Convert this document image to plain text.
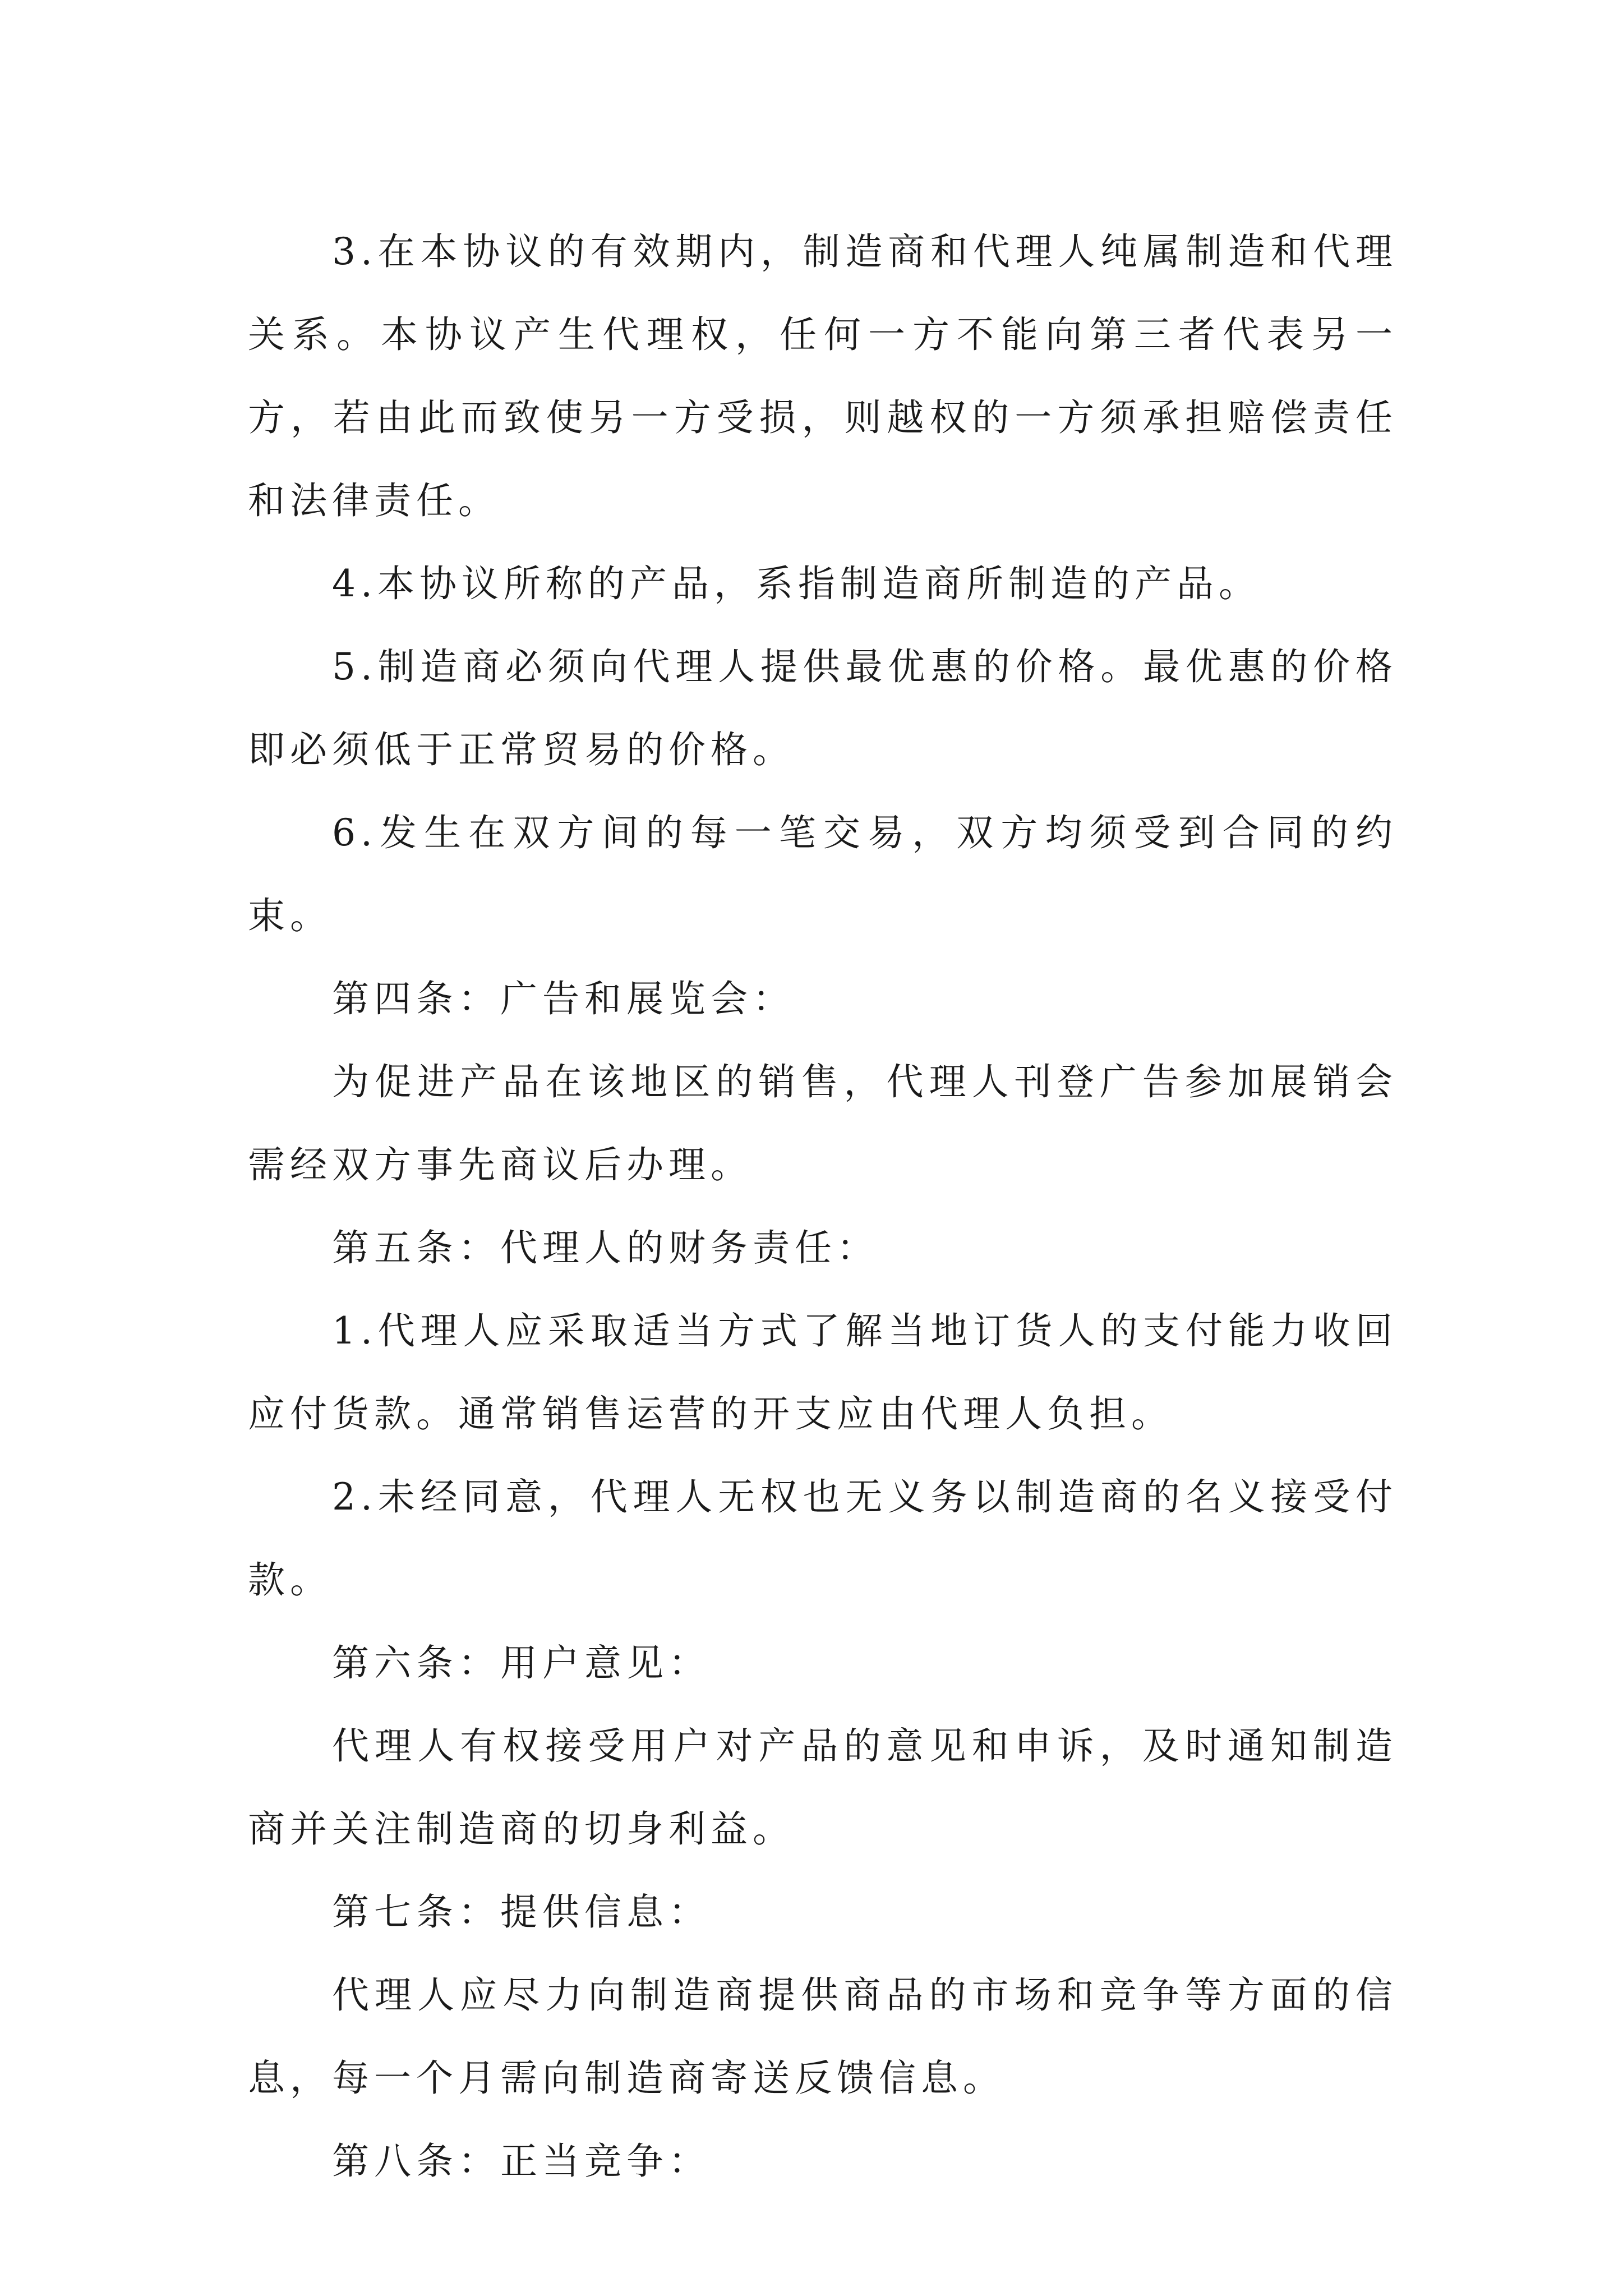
3.在本协议的有效期内，制造商和代理人纯属制造和代理关系。本协议产生代理权，任何一方不能向第三者代表另一方，若由此而致使另一方受损，则越权的一方须承担赔偿责任和法律责任。

4.本协议所称的产品，系指制造商所制造的产品。

5.制造商必须向代理人提供最优惠的价格。最优惠的价格即必须低于正常贸易的价格。

6.发生在双方间的每一笔交易，双方均须受到合同的约束。

第四条：广告和展览会：

为促进产品在该地区的销售，代理人刊登广告参加展销会需经双方事先商议后办理。

第五条：代理人的财务责任：

1.代理人应采取适当方式了解当地订货人的支付能力收回应付货款。通常销售运营的开支应由代理人负担。

2.未经同意，代理人无权也无义务以制造商的名义接受付款。

第六条：用户意见：

代理人有权接受用户对产品的意见和申诉，及时通知制造商并关注制造商的切身利益。

第七条：提供信息：

代理人应尽力向制造商提供商品的市场和竞争等方面的信息，每一个月需向制造商寄送反馈信息。

第八条：正当竞争：
